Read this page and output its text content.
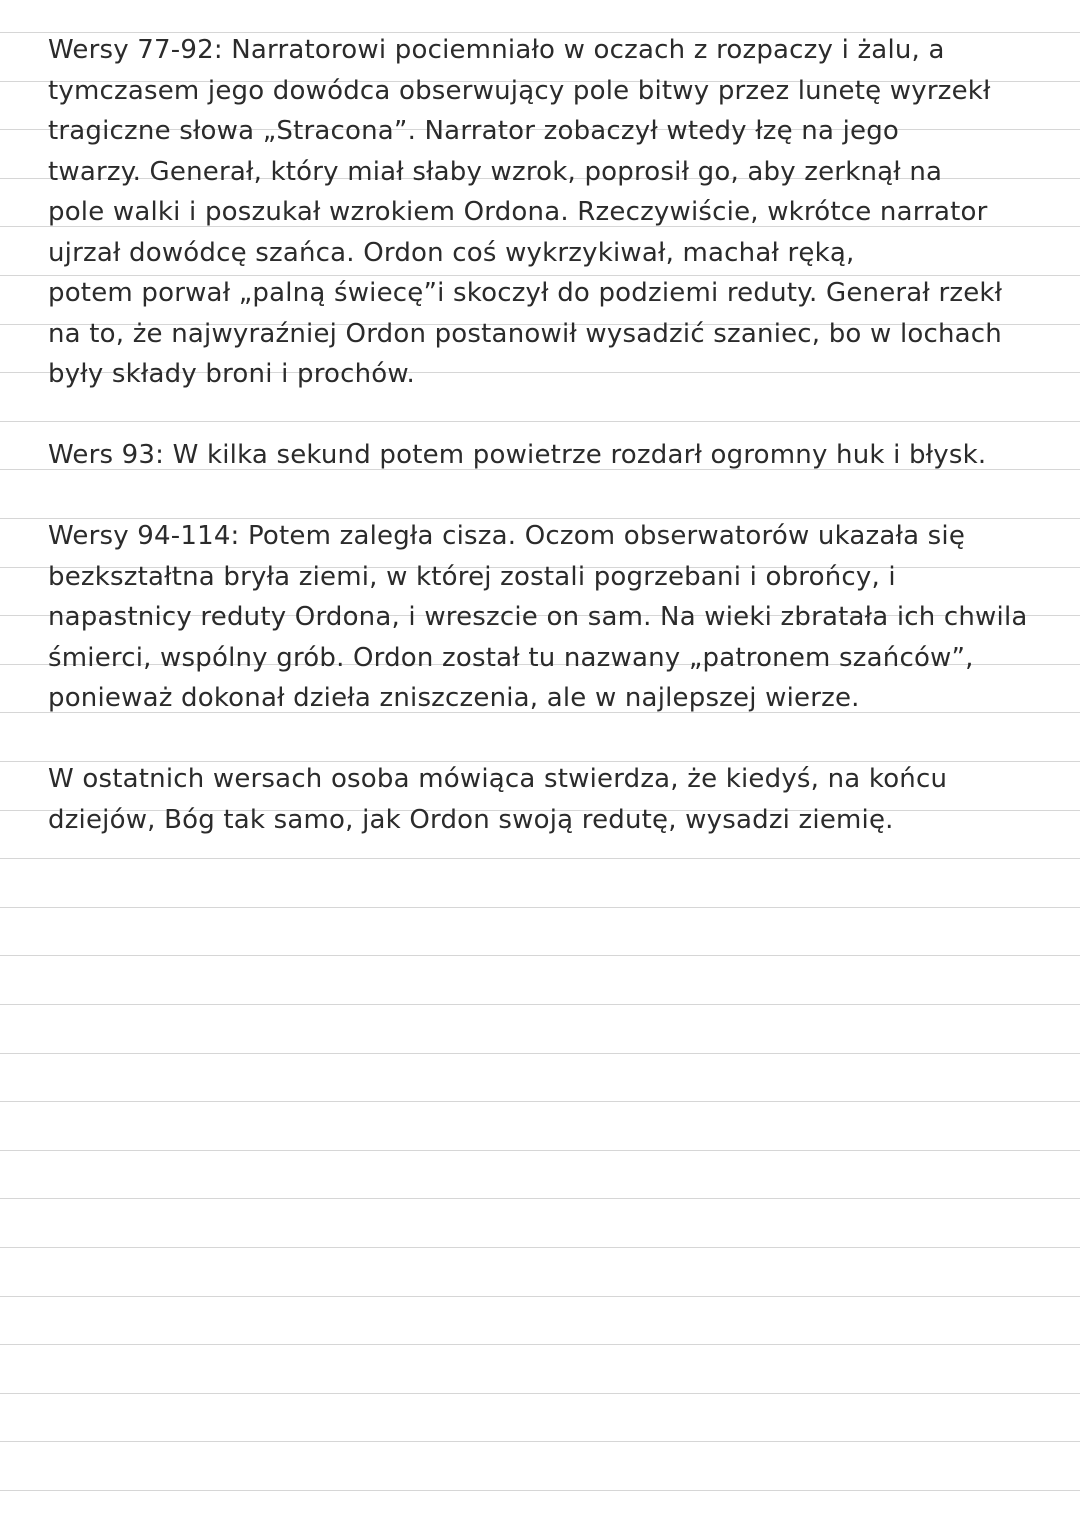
Wersy 77-92: Narratorowi pociemniało w oczach z rozpaczy i żalu, a
tymczasem jego dowódca obserwujący pole bitwy przez lunetę wyrzekł
tragiczne słowa „Stracona”. Narrator zobaczył wtedy łzę na jego
twarzy. Generał, który miał słaby wzrok, poprosił go, aby zerknął na
pole walki i poszukał wzrokiem Ordona. Rzeczywiście, wkrótce narrator
ujrzał dowódcę szańca. Ordon coś wykrzykiwał, machał ręką,
potem porwał „palną świecę”i skoczył do podziemi reduty. Generał rzekł
na to, że najwyraźniej Ordon postanowił wysadzić szaniec, bo w lochach
były składy broni i prochów.
Wers 93: W kilka sekund potem powietrze rozdarł ogromny huk i błysk.
Wersy 94-114: Potem zaległa cisza. Oczom obserwatorów ukazała się
bezkształtna bryła ziemi, w której zostali pogrzebani i obrońcy, i
napastnicy reduty Ordona, i wreszcie on sam. Na wieki zbratała ich chwila
śmierci, wspólny grób. Ordon został tu nazwany „patronem szańców”,
ponieważ dokonał dzieła zniszczenia, ale w najlepszej wierze.
W ostatnich wersach osoba mówiąca stwierdza, że kiedyś, na końcu
dziejów, Bóg tak samo, jak Ordon swoją redutę, wysadzi ziemię.
